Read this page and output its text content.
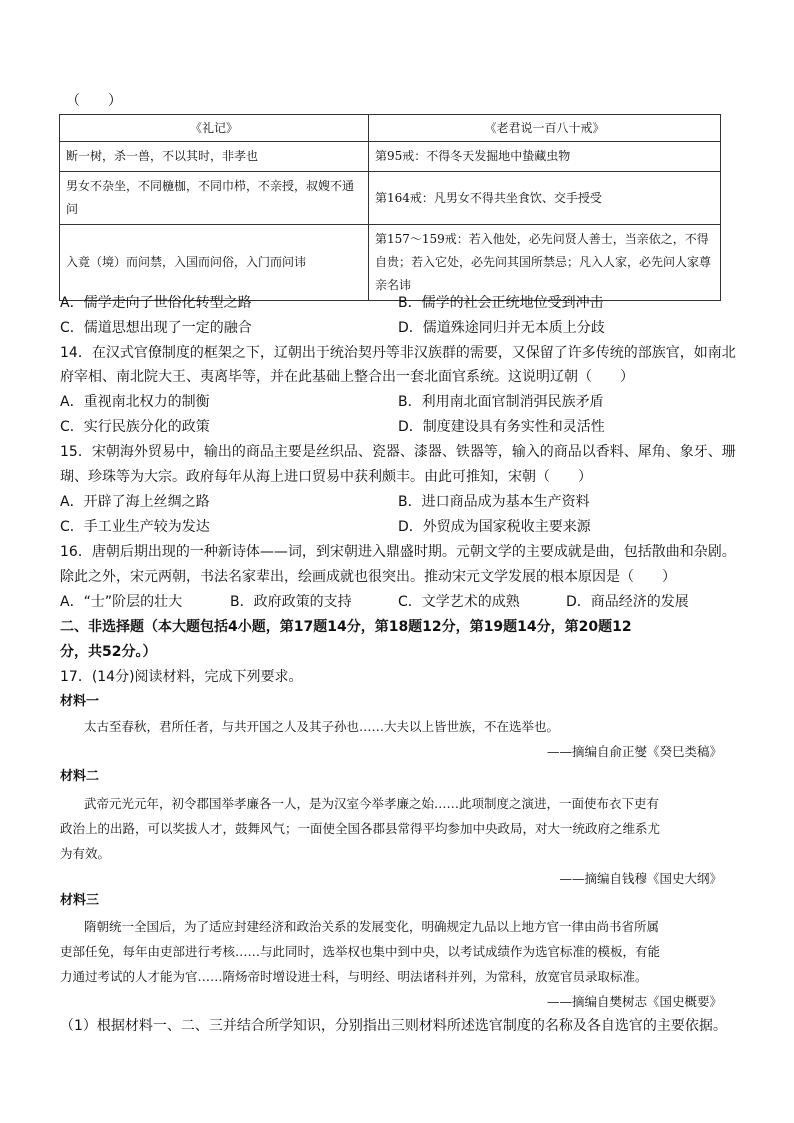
（　　）
《礼记》	《老君说一百八十戒》
断一树，杀一兽，不以其时，非孝也	第95戒：不得冬天发掘地中蛰藏虫物
男女不杂坐，不同椸枷，不同巾栉，不亲授，叔嫂不通问	第164戒：凡男女不得共坐食饮、交手授受
入竟（境）而问禁，入国而问俗，入门而问讳	第157～159戒：若入他处，必先问贤人善士，当亲依之，不得自贵；若入它处，必先问其国所禁忌；凡入人家，必先问人家尊亲名讳
A．儒学走向了世俗化转型之路	B．儒学的社会正统地位受到冲击
C．儒道思想出现了一定的融合	D．儒道殊途同归并无本质上分歧
14．在汉式官僚制度的框架之下，辽朝出于统治契丹等非汉族群的需要，又保留了许多传统的部族官，如南北
府宰相、南北院大王、夷离毕等，并在此基础上整合出一套北面官系统。这说明辽朝（　　）
A．重视南北权力的制衡	B．利用南北面官制消弭民族矛盾
C．实行民族分化的政策	D．制度建设具有务实性和灵活性
15．宋朝海外贸易中，输出的商品主要是丝织品、瓷器、漆器、铁器等，输入的商品以香料、犀角、象牙、珊
瑚、珍珠等为大宗。政府每年从海上进口贸易中获利颇丰。由此可推知，宋朝（　　）
A．开辟了海上丝绸之路	B．进口商品成为基本生产资料
C．手工业生产较为发达	D．外贸成为国家税收主要来源
16．唐朝后期出现的一种新诗体——词，到宋朝进入鼎盛时期。元朝文学的主要成就是曲，包括散曲和杂剧。
除此之外，宋元两朝，书法名家辈出，绘画成就也很突出。推动宋元文学发展的根本原因是（　　）
A．“士”阶层的壮大	B．政府政策的支持	C．文学艺术的成熟	D．商品经济的发展
二、非选择题（本大题包括4小题，第17题14分，第18题12分，第19题14分，第20题12
分，共52分。）
17．(14分)阅读材料，完成下列要求。
材料一
太古至春秋，君所任者，与共开国之人及其子孙也……大夫以上皆世族，不在选举也。
——摘编自俞正燮《癸巳类稿》
材料二
武帝元光元年，初令郡国举孝廉各一人，是为汉室今举孝廉之始……此项制度之演进，一面使布衣下吏有
政治上的出路，可以奖拔人才，鼓舞风气；一面使全国各郡县常得平均参加中央政局，对大一统政府之维系尤
为有效。
——摘编自钱穆《国史大纲》
材料三
隋朝统一全国后，为了适应封建经济和政治关系的发展变化，明确规定九品以上地方官一律由尚书省所属
吏部任免，每年由吏部进行考核……与此同时，选举权也集中到中央，以考试成绩作为选官标准的模板，有能
力通过考试的人才能为官……隋炀帝时增设进士科，与明经、明法诸科并列，为常科，放宽官员录取标准。
——摘编自樊树志《国史概要》
（1）根据材料一、二、三并结合所学知识，分别指出三则材料所述选官制度的名称及各自选官的主要依据。
